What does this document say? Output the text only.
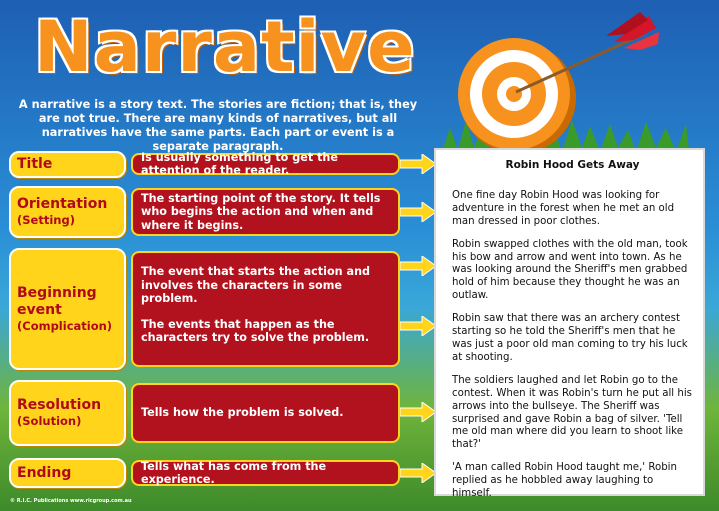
Narrative
A narrative is a story text. The stories are fiction; that is, they are not true. There are many kinds of narratives, but all narratives have the same parts. Each part or event is a separate paragraph.
Title	Is usually something to get the attention of the reader.

Orientation
(Setting)

The starting point of the story. It tells who begins the action and when and where it begins.

Beginning event
(Complication)

The event that starts the action and involves the characters in some problem.

The events that happen as the characters try to solve the problem.

Resolution
(Solution)

Tells how the problem is solved.

Ending	Tells what has come from the experience.

Robin Hood Gets Away

One fine day Robin Hood was looking for adventure in the forest when he met an old man dressed in poor clothes.

Robin swapped clothes with the old man, took his bow and arrow and went into town. As he was looking around the Sheriff's men grabbed hold of him because they thought he was an outlaw.

Robin saw that there was an archery contest starting so he told the Sheriff's men that he was just a poor old man coming to try his luck at shooting.

The soldiers laughed and let Robin go to the contest. When it was Robin's turn he put all his arrows into the bullseye. The Sheriff was surprised and gave Robin a bag of silver. 'Tell me old man where did you learn to shoot like that?'

'A man called Robin Hood taught me,' Robin replied as he hobbled away laughing to himself.

© R.I.C. Publications www.ricgroup.com.au
